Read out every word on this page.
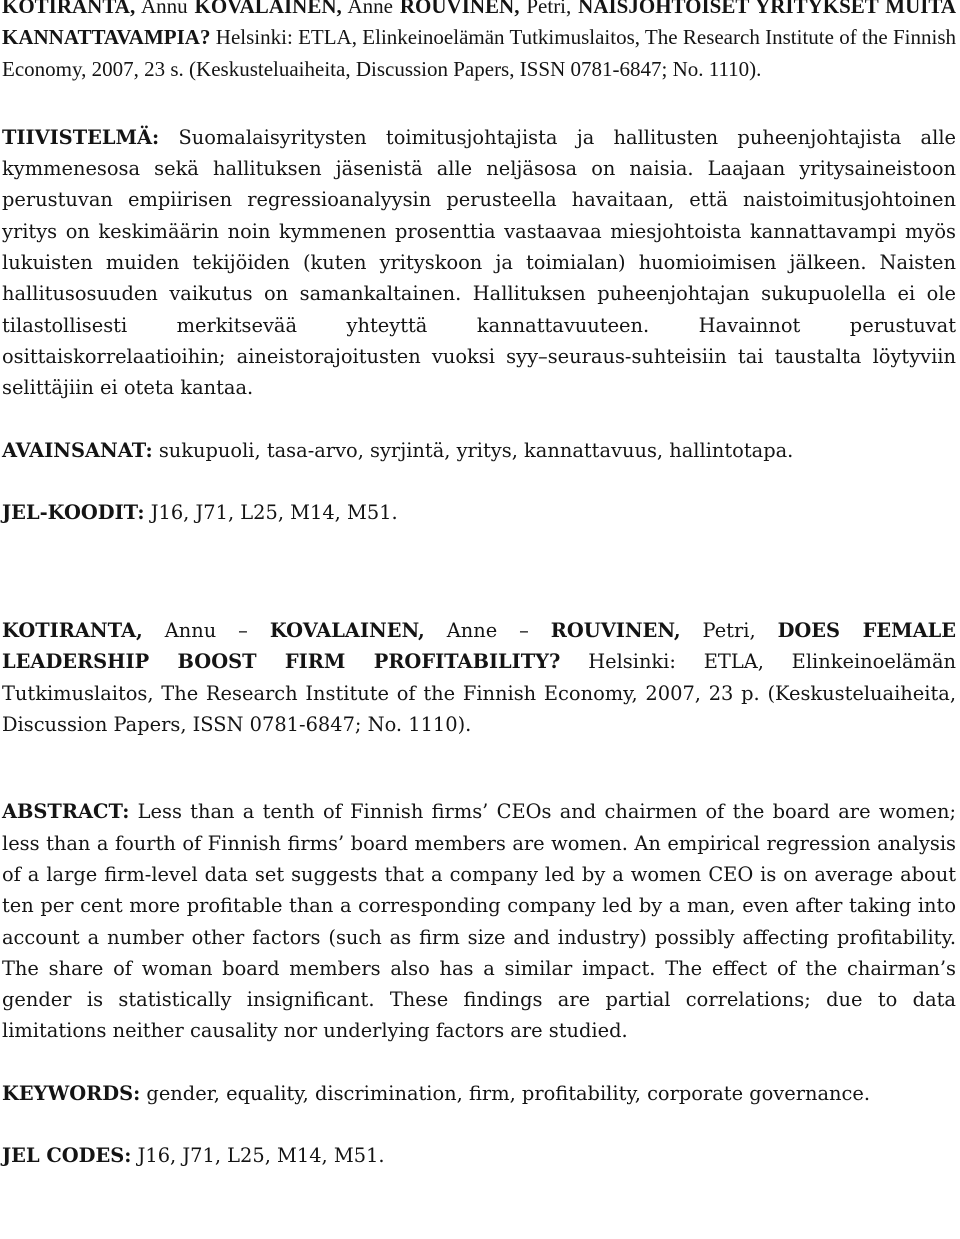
KOTIRANTA, Annu KOVALAINEN, Anne ROUVINEN, Petri, NAISJOHTOISET YRITYKSET MUITA KANNATTAVAMPIA? Helsinki: ETLA, Elinkeinoelämän Tutkimuslaitos, The Research Institute of the Finnish Economy, 2007, 23 s. (Keskusteluaiheita, Discussion Papers, ISSN 0781-6847; No. 1110).

TIIVISTELMÄ: Suomalaisyritysten toimitusjohtajista ja hallitusten puheenjohtajista alle kymmenesosa sekä hallituksen jäsenistä alle neljäsosa on naisia. Laajaan yritysaineistoon perustuvan empiirisen regressioanalyysin perusteella havaitaan, että naistoimitusjohtoinen yritys on keskimäärin noin kymmenen prosenttia vastaavaa miesjohtoista kannattavampi myös lukuisten muiden tekijöiden (kuten yrityskoon ja toimialan) huomioimisen jälkeen. Naisten hallitusosuuden vaikutus on samankaltainen. Hallituksen puheenjohtajan sukupuolella ei ole tilastollisesti merkitsevää yhteyttä kannattavuuteen. Havainnot perustuvat osittaiskorrelaatioihin; aineistorajoitusten vuoksi syy–seuraus-suhteisiin tai taustalta löytyviin selittäjiin ei oteta kantaa.

AVAINSANAT: sukupuoli, tasa-arvo, syrjintä, yritys, kannattavuus, hallintotapa.

JEL-KOODIT: J16, J71, L25, M14, M51.

KOTIRANTA, Annu – KOVALAINEN, Anne – ROUVINEN, Petri, DOES FEMALE LEADERSHIP BOOST FIRM PROFITABILITY? Helsinki: ETLA, Elinkeinoelämän Tutkimuslaitos, The Research Institute of the Finnish Economy, 2007, 23 p. (Keskusteluaiheita, Discussion Papers, ISSN 0781-6847; No. 1110).

ABSTRACT: Less than a tenth of Finnish firms’ CEOs and chairmen of the board are women; less than a fourth of Finnish firms’ board members are women. An empirical regression analysis of a large firm-level data set suggests that a company led by a women CEO is on average about ten per cent more profitable than a corresponding company led by a man, even after taking into account a number other factors (such as firm size and industry) possibly affecting profitability. The share of woman board members also has a similar impact. The effect of the chairman’s gender is statistically insignificant. These findings are partial correlations; due to data limitations neither causality nor underlying factors are studied.

KEYWORDS: gender, equality, discrimination, firm, profitability, corporate governance.

JEL CODES: J16, J71, L25, M14, M51.
